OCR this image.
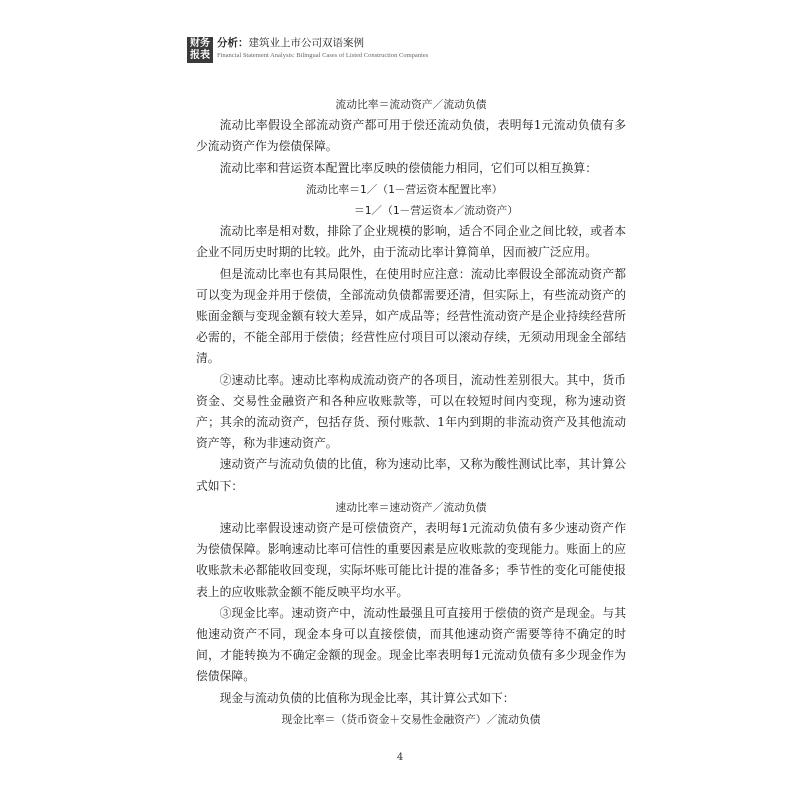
财务
报表
分析：建筑业上市公司双语案例
Financial Statement Analysis: Bilingual Cases of Listed Construction Companies

流动比率＝流动资产／流动负债

流动比率假设全部流动资产都可用于偿还流动负债，表明每1元流动负债有多少流动资产作为偿债保障。

流动比率和营运资本配置比率反映的偿债能力相同，它们可以相互换算：

流动比率＝1／（1－营运资本配置比率）

＝1／（1－营运资本／流动资产）

流动比率是相对数，排除了企业规模的影响，适合不同企业之间比较，或者本企业不同历史时期的比较。此外，由于流动比率计算简单，因而被广泛应用。

但是流动比率也有其局限性，在使用时应注意：流动比率假设全部流动资产都可以变为现金并用于偿债，全部流动负债都需要还清，但实际上，有些流动资产的账面金额与变现金额有较大差异，如产成品等；经营性流动资产是企业持续经营所必需的，不能全部用于偿债；经营性应付项目可以滚动存续，无须动用现金全部结清。

②速动比率。速动比率构成流动资产的各项目，流动性差别很大。其中，货币资金、交易性金融资产和各种应收账款等，可以在较短时间内变现，称为速动资产；其余的流动资产，包括存货、预付账款、1年内到期的非流动资产及其他流动资产等，称为非速动资产。

速动资产与流动负债的比值，称为速动比率，又称为酸性测试比率，其计算公式如下：

速动比率＝速动资产／流动负债

速动比率假设速动资产是可偿债资产，表明每1元流动负债有多少速动资产作为偿债保障。影响速动比率可信性的重要因素是应收账款的变现能力。账面上的应收账款未必都能收回变现，实际坏账可能比计提的准备多；季节性的变化可能使报表上的应收账款金额不能反映平均水平。

③现金比率。速动资产中，流动性最强且可直接用于偿债的资产是现金。与其他速动资产不同，现金本身可以直接偿债，而其他速动资产需要等待不确定的时间，才能转换为不确定金额的现金。现金比率表明每1元流动负债有多少现金作为偿债保障。

现金与流动负债的比值称为现金比率，其计算公式如下：

现金比率＝（货币资金＋交易性金融资产）／流动负债

4
